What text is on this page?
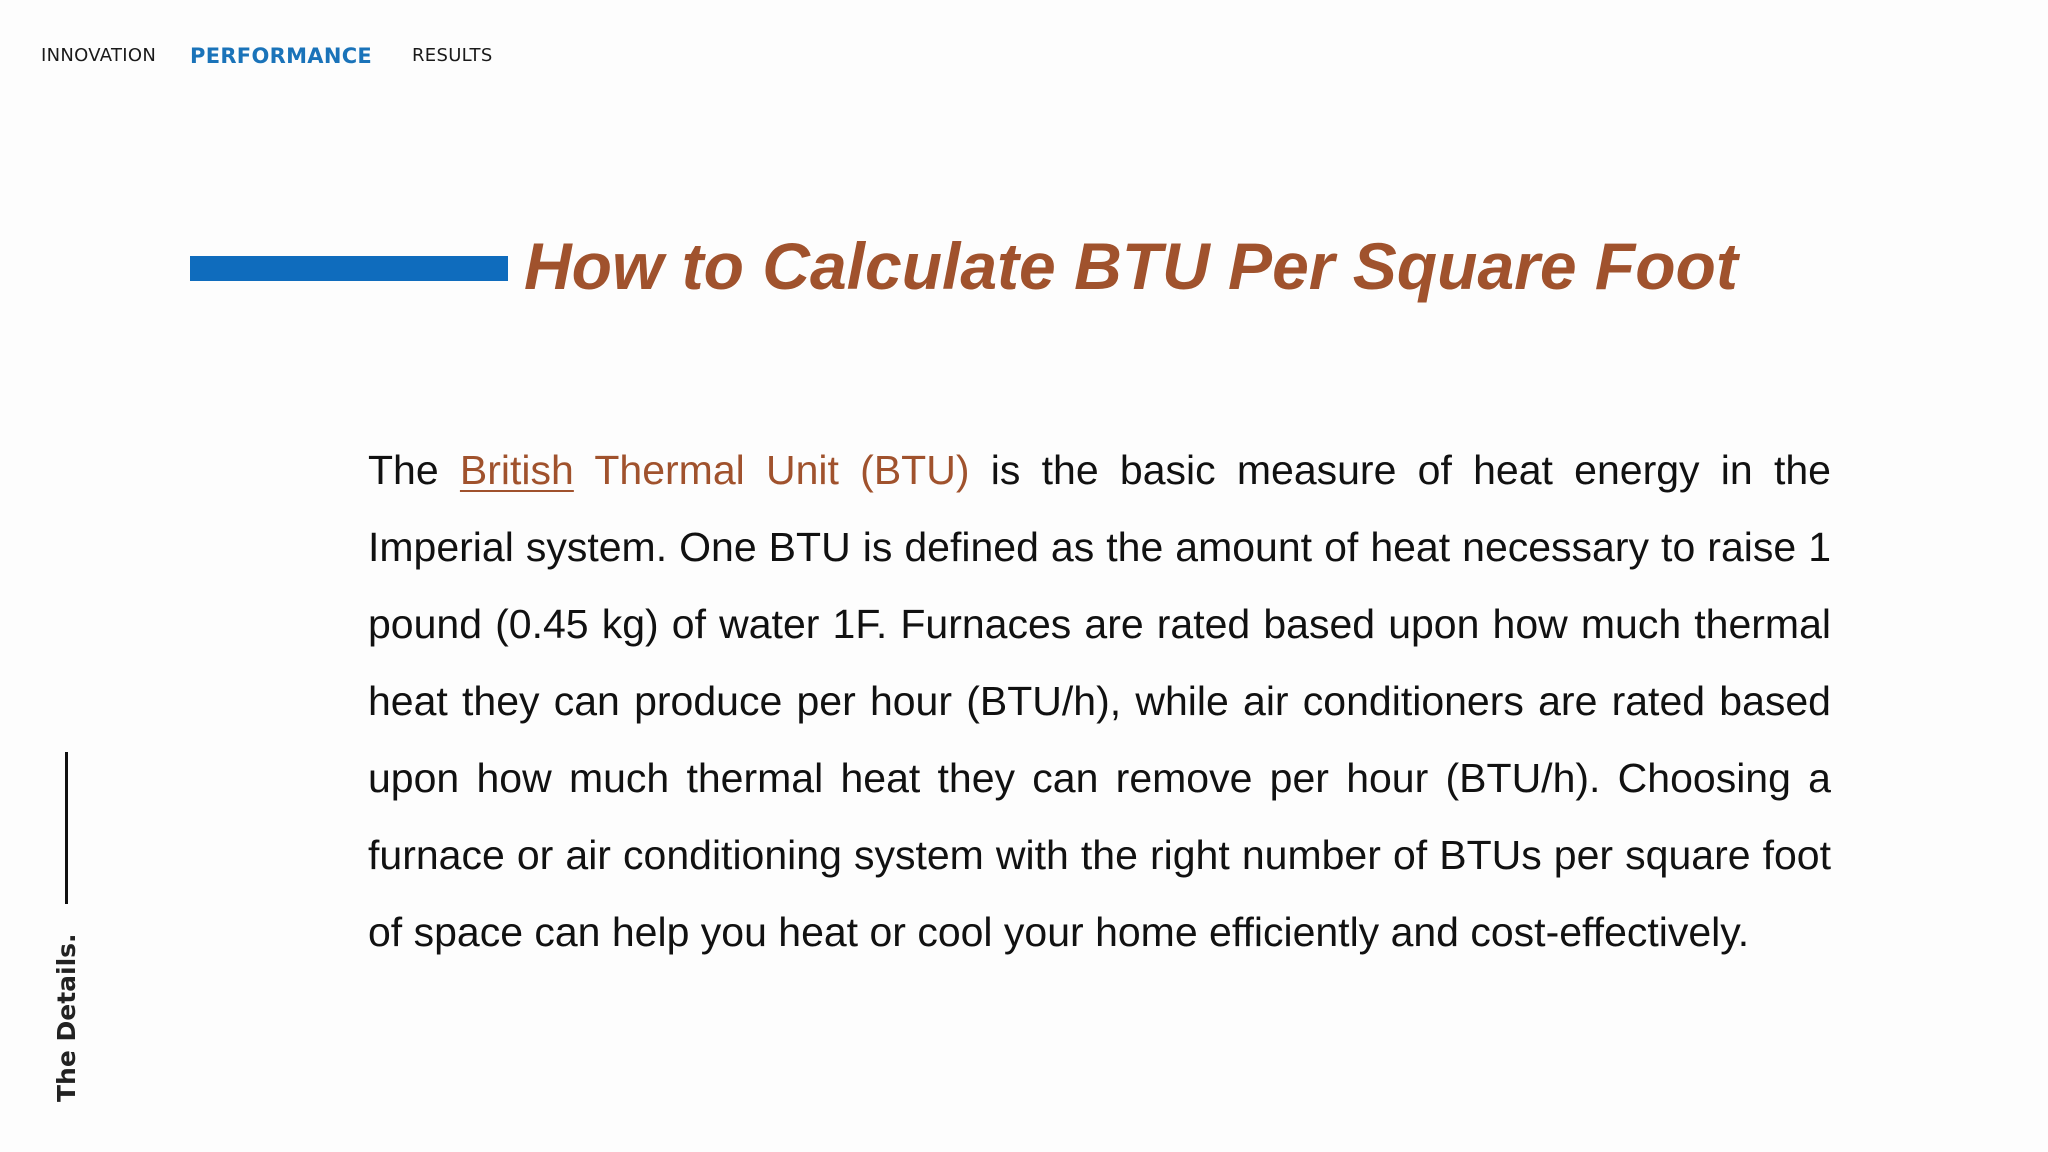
INNOVATION PERFORMANCE RESULTS
How to Calculate BTU Per Square Foot

The British Thermal Unit (BTU) is the basic measure of heat energy in the Imperial system. One BTU is defined as the amount of heat necessary to raise 1 pound (0.45 kg) of water 1F. Furnaces are rated based upon how much thermal heat they can produce per hour (BTU/h), while air conditioners are rated based upon how much thermal heat they can remove per hour (BTU/h). Choosing a furnace or air conditioning system with the right number of BTUs per square foot of space can help you heat or cool your home efficiently and cost-effectively.

The Details.
